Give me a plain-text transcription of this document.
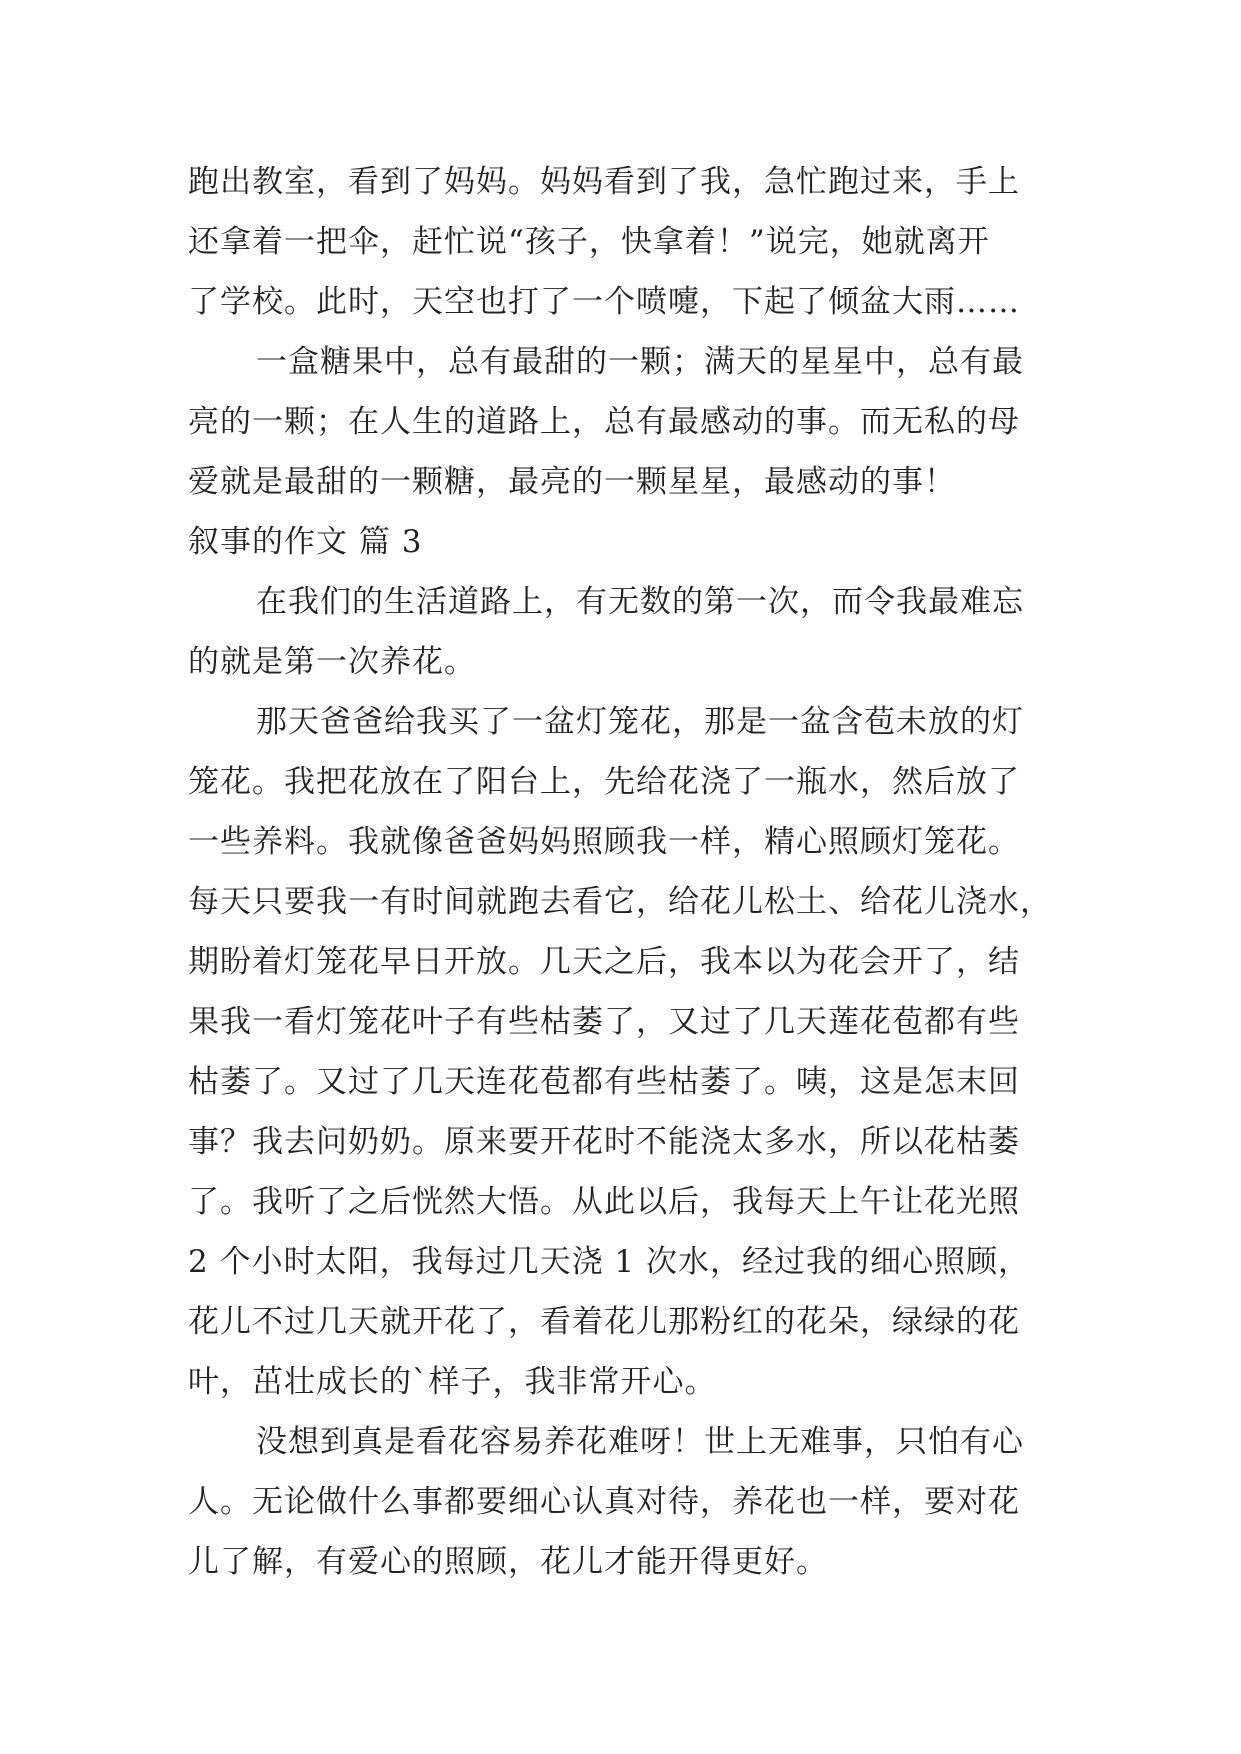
跑出教室，看到了妈妈。妈妈看到了我，急忙跑过来，手上
还拿着一把伞，赶忙说“孩子，快拿着！”说完，她就离开
了学校。此时，天空也打了一个喷嚏，下起了倾盆大雨……
一盒糖果中，总有最甜的一颗；满天的星星中，总有最
亮的一颗；在人生的道路上，总有最感动的事。而无私的母
爱就是最甜的一颗糖，最亮的一颗星星，最感动的事！
叙事的作文 篇 3
在我们的生活道路上，有无数的第一次，而令我最难忘
的就是第一次养花。
那天爸爸给我买了一盆灯笼花，那是一盆含苞未放的灯
笼花。我把花放在了阳台上，先给花浇了一瓶水，然后放了
一些养料。我就像爸爸妈妈照顾我一样，精心照顾灯笼花。
每天只要我一有时间就跑去看它，给花儿松土、给花儿浇水，
期盼着灯笼花早日开放。几天之后，我本以为花会开了，结
果我一看灯笼花叶子有些枯萎了，又过了几天莲花苞都有些
枯萎了。又过了几天连花苞都有些枯萎了。咦，这是怎末回
事？我去问奶奶。原来要开花时不能浇太多水，所以花枯萎
了。我听了之后恍然大悟。从此以后，我每天上午让花光照
2 个小时太阳，我每过几天浇 1 次水，经过我的细心照顾，
花儿不过几天就开花了，看着花儿那粉红的花朵，绿绿的花
叶，茁壮成长的`样子，我非常开心。
没想到真是看花容易养花难呀！世上无难事，只怕有心
人。无论做什么事都要细心认真对待，养花也一样，要对花
儿了解，有爱心的照顾，花儿才能开得更好。
